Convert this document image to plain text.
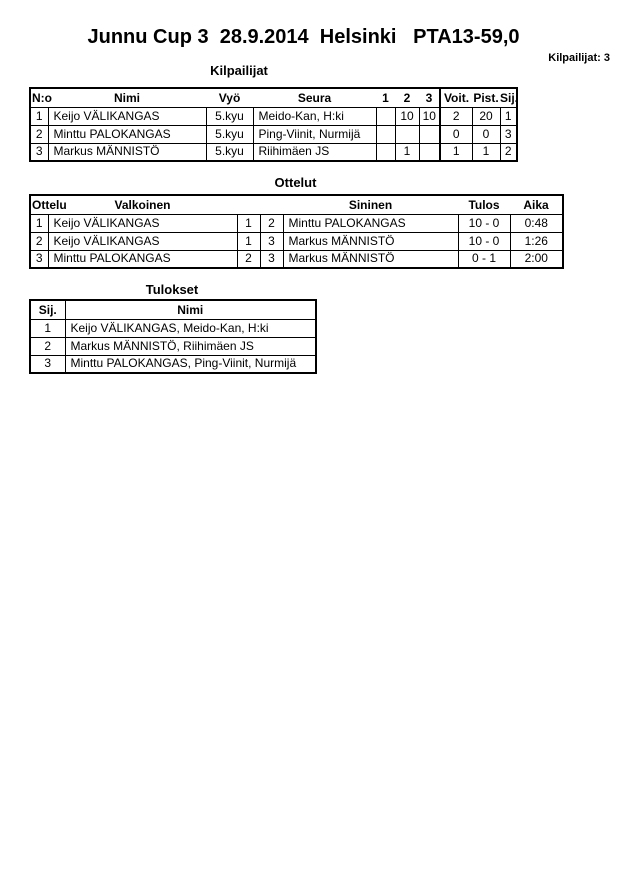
Junnu Cup 3  28.9.2014  Helsinki   PTA13-59,0
Kilpailijat: 3
Kilpailijat
N:o	Nimi	Vyö	Seura	1	2	3	Voit.	Pist.	Sij.
1	Keijo VÄLIKANGAS	5.kyu	Meido-Kan, H:ki		10	10	2	20	1
2	Minttu PALOKANGAS	5.kyu	Ping-Viinit, Nurmijä				0	0	3
3	Markus MÄNNISTÖ	5.kyu	Riihimäen JS		1		1	1	2
Ottelut
Ottelu	Valkoinen			Sininen	Tulos	Aika
1	Keijo VÄLIKANGAS	1	2	Minttu PALOKANGAS	10 - 0	0:48
2	Keijo VÄLIKANGAS	1	3	Markus MÄNNISTÖ	10 - 0	1:26
3	Minttu PALOKANGAS	2	3	Markus MÄNNISTÖ	0 - 1	2:00
Tulokset
Sij.	Nimi
1	Keijo VÄLIKANGAS, Meido-Kan, H:ki
2	Markus MÄNNISTÖ, Riihimäen JS
3	Minttu PALOKANGAS, Ping-Viinit, Nurmijä
